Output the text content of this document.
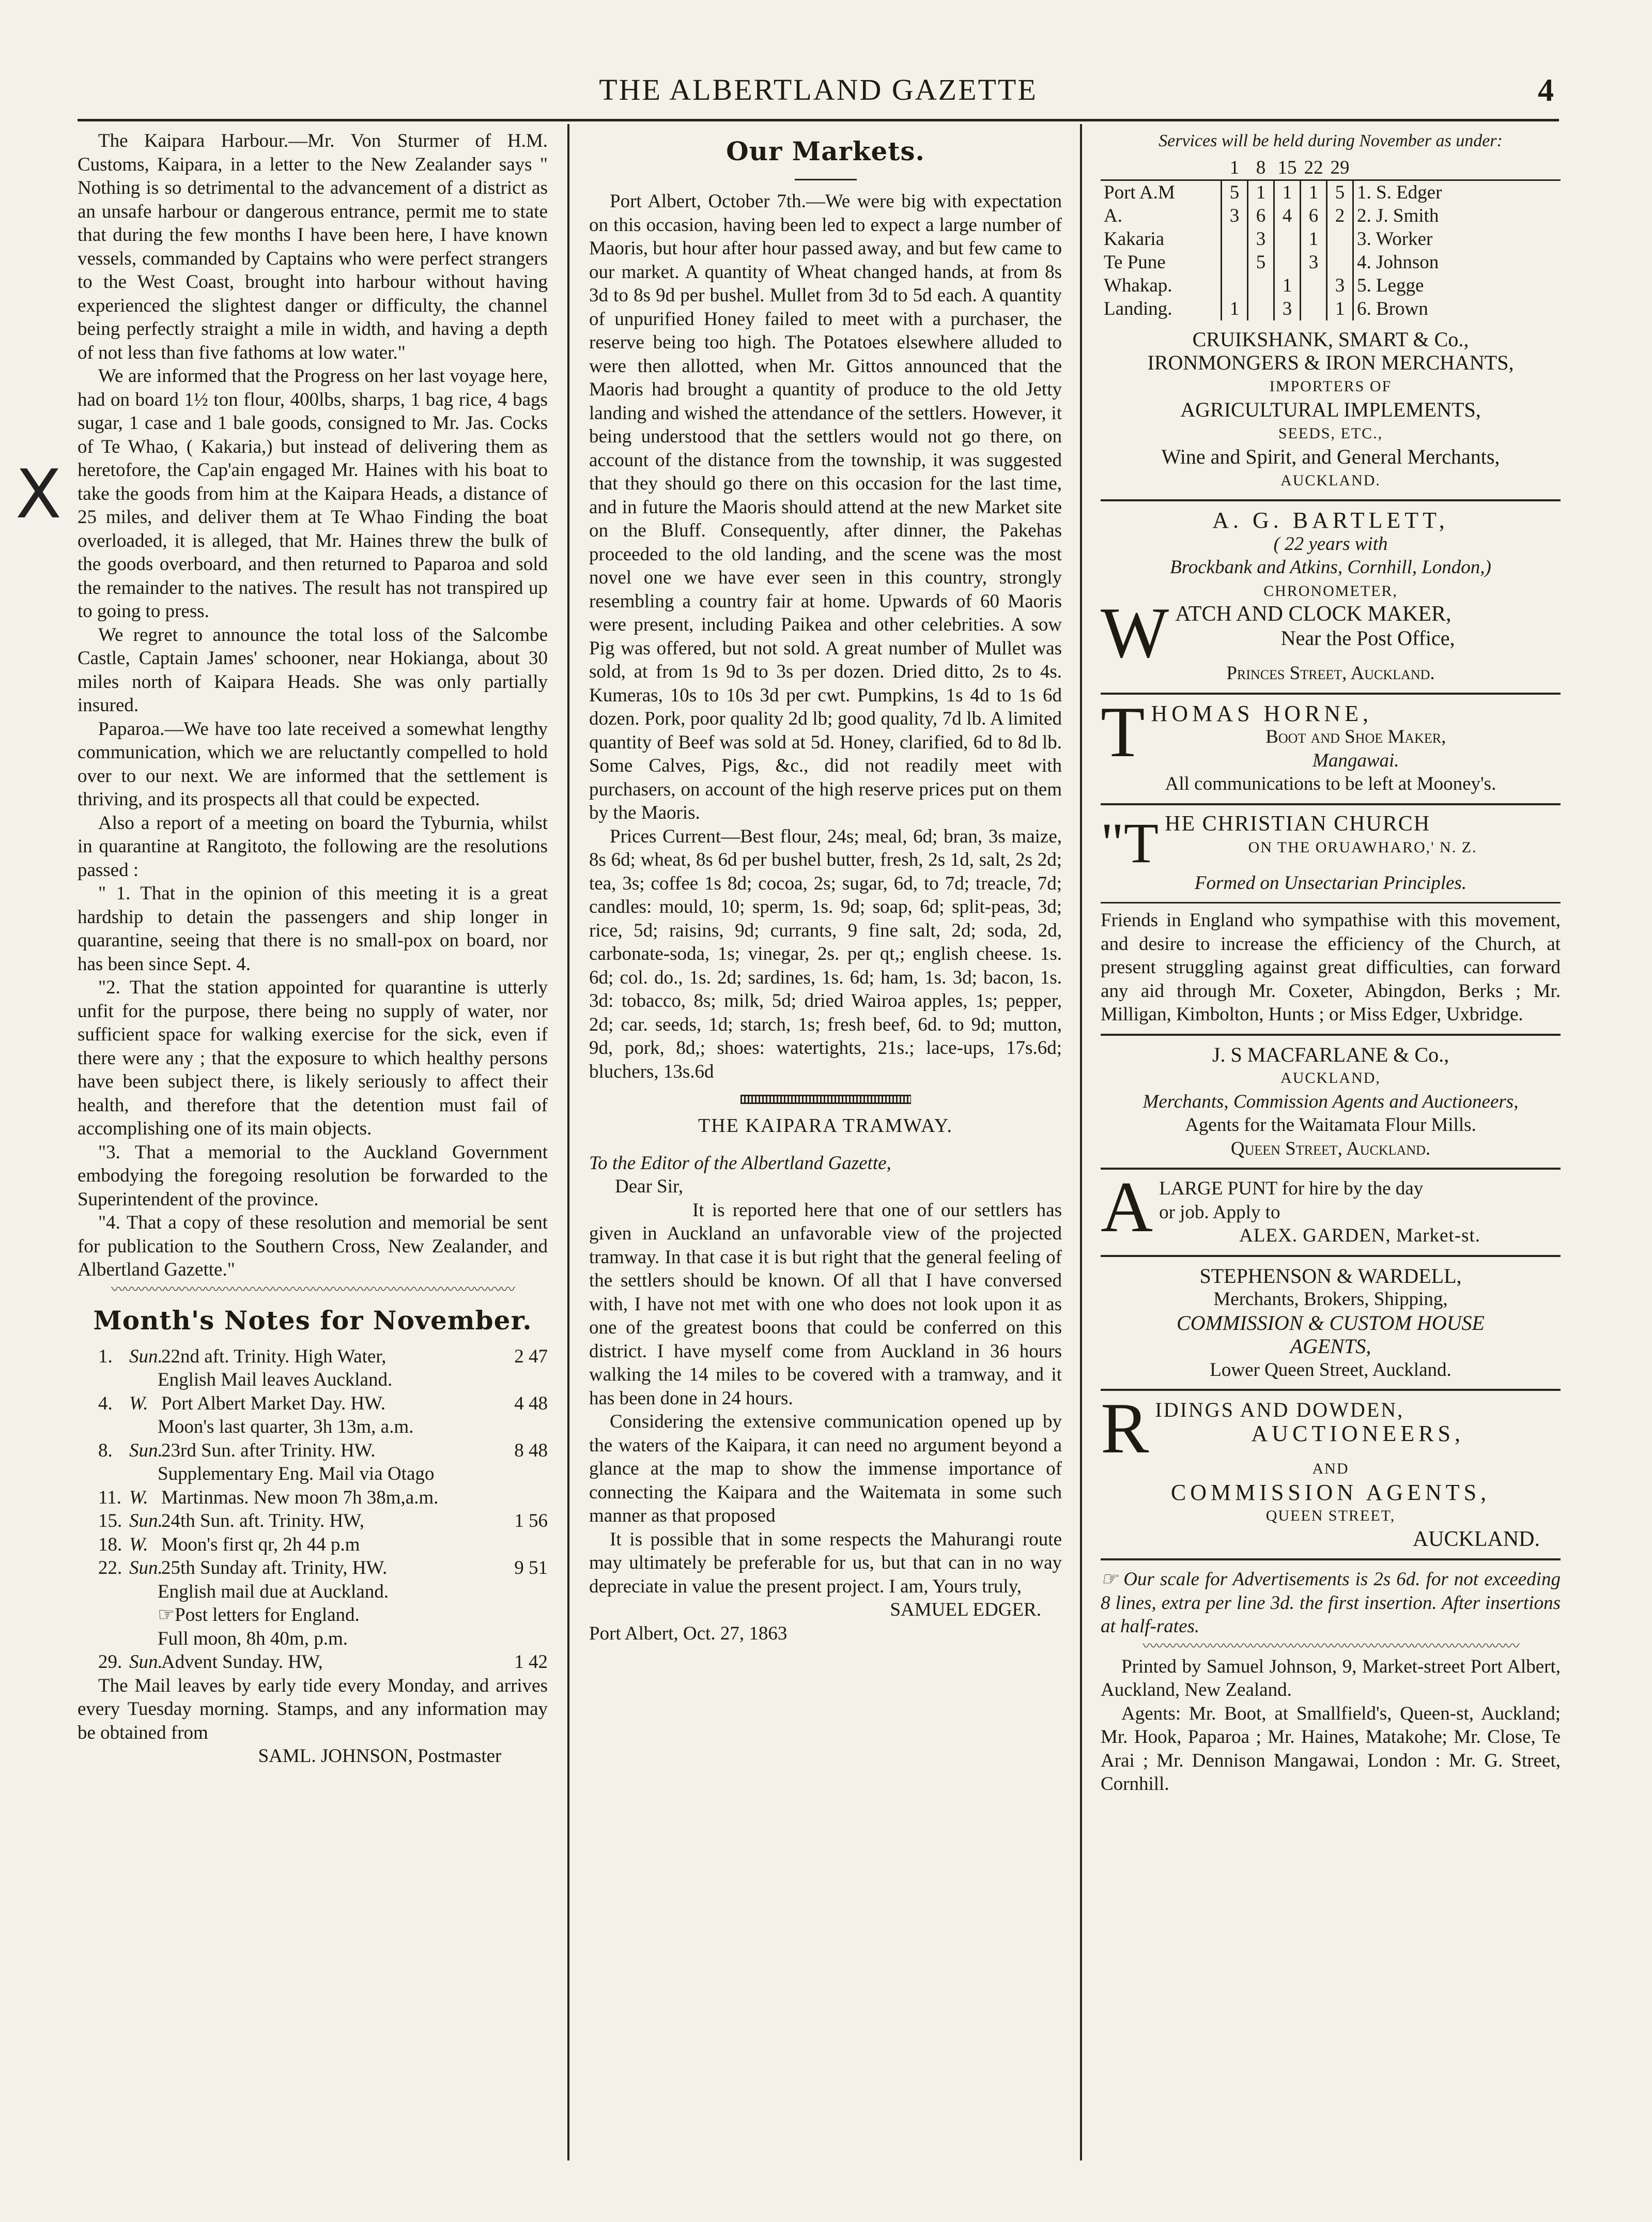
THE ALBERTLAND GAZETTE	4
X

The Kaipara Harbour.—Mr. Von Sturmer of H.M. Customs, Kaipara, in a letter to the New Zealander says " Nothing is so detrimental to the advancement of a district as an unsafe harbour or dangerous entrance, permit me to state that during the few months I have been here, I have known vessels, commanded by Captains who were perfect strangers to the West Coast, brought into harbour without having experienced the slightest danger or difficulty, the channel being perfectly straight a mile in width, and having a depth of not less than five fathoms at low water."

We are informed that the Progress on her last voyage here, had on board 1½ ton flour, 400lbs, sharps, 1 bag rice, 4 bags sugar, 1 case and 1 bale goods, consigned to Mr. Jas. Cocks of Te Whao, ( Kakaria,) but instead of delivering them as heretofore, the Cap'ain engaged Mr. Haines with his boat to take the goods from him at the Kaipara Heads, a distance of 25 miles, and deliver them at Te Whao Finding the boat overloaded, it is alleged, that Mr. Haines threw the bulk of the goods overboard, and then returned to Paparoa and sold the remainder to the natives. The result has not transpired up to going to press.

We regret to announce the total loss of the Salcombe Castle, Captain James' schooner, near Hokianga, about 30 miles north of Kaipara Heads. She was only partially insured.

Paparoa.—We have too late received a somewhat lengthy communication, which we are reluctantly compelled to hold over to our next. We are informed that the settlement is thriving, and its prospects all that could be expected.

Also a report of a meeting on board the Tyburnia, whilst in quarantine at Rangitoto, the following are the resolutions passed :

" 1. That in the opinion of this meeting it is a great hardship to detain the passengers and ship longer in quarantine, seeing that there is no small-pox on board, nor has been since Sept. 4.

"2. That the station appointed for quarantine is utterly unfit for the purpose, there being no supply of water, nor sufficient space for walking exercise for the sick, even if there were any ; that the exposure to which healthy persons have been subject there, is likely seriously to affect their health, and therefore that the detention must fail of accomplishing one of its main objects.

"3. That a memorial to the Auckland Government embodying the foregoing resolution be forwarded to the Superintendent of the province.

"4. That a copy of these resolution and memorial be sent for publication to the Southern Cross, New Zealander, and Albertland Gazette."

〰〰〰〰〰〰〰〰〰〰〰〰〰〰〰〰〰〰〰〰〰〰〰〰〰〰〰〰〰〰
Month's Notes for November.
1. Sun.22nd aft. Trinity. High Water,	2 47
English Mail leaves Auckland.
4. W. Port Albert Market Day. HW.	4 48
Moon's last quarter, 3h 13m, a.m.
8. Sun.23rd Sun. after Trinity. HW.	8 48
Supplementary Eng. Mail via Otago
11. W. Martinmas. New moon 7h 38m,a.m.
15. Sun.24th Sun. aft. Trinity. HW,	1 56
18. W. Moon's first qr, 2h 44 p.m
22. Sun.25th Sunday aft. Trinity, HW.	9 51
English mail due at Auckland.
☞Post letters for England.
Full moon, 8h 40m, p.m.
29. Sun.Advent Sunday. HW,	1 42

The Mail leaves by early tide every Monday, and arrives every Tuesday morning. Stamps, and any information may be obtained from

SAML. JOHNSON, Postmaster
Our Markets.

Port Albert, October 7th.—We were big with expectation on this occasion, having been led to expect a large number of Maoris, but hour after hour passed away, and but few came to our market. A quantity of Wheat changed hands, at from 8s 3d to 8s 9d per bushel. Mullet from 3d to 5d each. A quantity of unpurified Honey failed to meet with a purchaser, the reserve being too high. The Potatoes elsewhere alluded to were then allotted, when Mr. Gittos announced that the Maoris had brought a quantity of produce to the old Jetty landing and wished the attendance of the settlers. However, it being understood that the settlers would not go there, on account of the distance from the township, it was suggested that they should go there on this occasion for the last time, and in future the Maoris should attend at the new Market site on the Bluff. Consequently, after dinner, the Pakehas proceeded to the old landing, and the scene was the most novel one we have ever seen in this country, strongly resembling a country fair at home. Upwards of 60 Maoris were present, including Paikea and other celebrities. A sow Pig was offered, but not sold. A great number of Mullet was sold, at from 1s 9d to 3s per dozen. Dried ditto, 2s to 4s. Kumeras, 10s to 10s 3d per cwt. Pumpkins, 1s 4d to 1s 6d dozen. Pork, poor quality 2d lb; good quality, 7d lb. A limited quantity of Beef was sold at 5d. Honey, clarified, 6d to 8d lb. Some Calves, Pigs, &c., did not readily meet with purchasers, on account of the high reserve prices put on them by the Maoris.

Prices Current—Best flour, 24s; meal, 6d; bran, 3s maize, 8s 6d; wheat, 8s 6d per bushel butter, fresh, 2s 1d, salt, 2s 2d; tea, 3s; coffee 1s 8d; cocoa, 2s; sugar, 6d, to 7d; treacle, 7d; candles: mould, 10; sperm, 1s. 9d; soap, 6d; split-peas, 3d; rice, 5d; raisins, 9d; currants, 9 fine salt, 2d; soda, 2d, carbonate-soda, 1s; vinegar, 2s. per qt,; english cheese. 1s. 6d; col. do., 1s. 2d; sardines, 1s. 6d; ham, 1s. 3d; bacon, 1s. 3d: tobacco, 8s; milk, 5d; dried Wairoa apples, 1s; pepper, 2d; car. seeds, 1d; starch, 1s; fresh beef, 6d. to 9d; mutton, 9d, pork, 8d,; shoes: watertights, 21s.; lace-ups, 17s.6d; bluchers, 13s.6d

THE KAIPARA TRAMWAY.
To the Editor of the Albertland Gazette,
Dear Sir,

It is reported here that one of our settlers has given in Auckland an unfavorable view of the projected tramway. In that case it is but right that the general feeling of the settlers should be known. Of all that I have conversed with, I have not met with one who does not look upon it as one of the greatest boons that could be conferred on this district. I have myself come from Auckland in 36 hours walking the 14 miles to be covered with a tramway, and it has been done in 24 hours.

Considering the extensive communication opened up by the waters of the Kaipara, it can need no argument beyond a glance at the map to show the immense importance of connecting the Kaipara and the Waitemata in some such manner as that proposed

It is possible that in some respects the Mahurangi route may ultimately be preferable for us, but that can in no way depreciate in value the present project. I am, Yours truly,

SAMUEL EDGER.
Port Albert, Oct. 27, 1863
Services will be held during November as under:
	1	8	15	22	29	
Port A.M	5	1	1	1	5	1. S. Edger
A.	3	6	4	6	2	2. J. Smith
Kakaria		3		1		3. Worker
Te Pune		5		3		4. Johnson
Whakap.			1		3	5. Legge
Landing.	1		3		1	6. Brown
CRUIKSHANK, SMART & Co.,
IRONMONGERS & IRON MERCHANTS,
IMPORTERS OF
AGRICULTURAL IMPLEMENTS,
SEEDS, ETC.,
Wine and Spirit, and General Merchants,
AUCKLAND.
A. G. BARTLETT,
( 22 years with
Brockbank and Atkins, Cornhill, London,)
CHRONOMETER,
W ATCH AND CLOCK MAKER,
Near the Post Office,
Princes Street, Auckland.
T HOMAS HORNE,
Boot and Shoe Maker,
Mangawai.
All communications to be left at Mooney's.
"T HE CHRISTIAN CHURCH
ON THE ORUAWHARO,' N. Z.
Formed on Unsectarian Principles.
Friends in England who sympathise with this movement, and desire to increase the efficiency of the Church, at present struggling against great difficulties, can forward any aid through Mr. Coxeter, Abingdon, Berks ; Mr. Milligan, Kimbolton, Hunts ; or Miss Edger, Uxbridge.
J. S MACFARLANE & Co.,
AUCKLAND,
Merchants, Commission Agents and Auctioneers,
Agents for the Waitamata Flour Mills.
Queen Street, Auckland.
A LARGE PUNT for hire by the day
or job. Apply to
ALEX. GARDEN, Market-st.
STEPHENSON & WARDELL,
Merchants, Brokers, Shipping,
COMMISSION & CUSTOM HOUSE
AGENTS,
Lower Queen Street, Auckland.
R IDINGS AND DOWDEN,
AUCTIONEERS,
AND
COMMISSION AGENTS,
QUEEN STREET,
AUCKLAND.
☞ Our scale for Advertisements is 2s 6d. for not exceeding 8 lines, extra per line 3d. the first insertion. After insertions at half-rates.
〰〰〰〰〰〰〰〰〰〰〰〰〰〰〰〰〰〰〰〰〰〰〰〰〰〰〰〰

Printed by Samuel Johnson, 9, Market-street Port Albert, Auckland, New Zealand.

Agents: Mr. Boot, at Smallfield's, Queen-st, Auckland; Mr. Hook, Paparoa ; Mr. Haines, Matakohe; Mr. Close, Te Arai ; Mr. Dennison Mangawai, London : Mr. G. Street, Cornhill.
